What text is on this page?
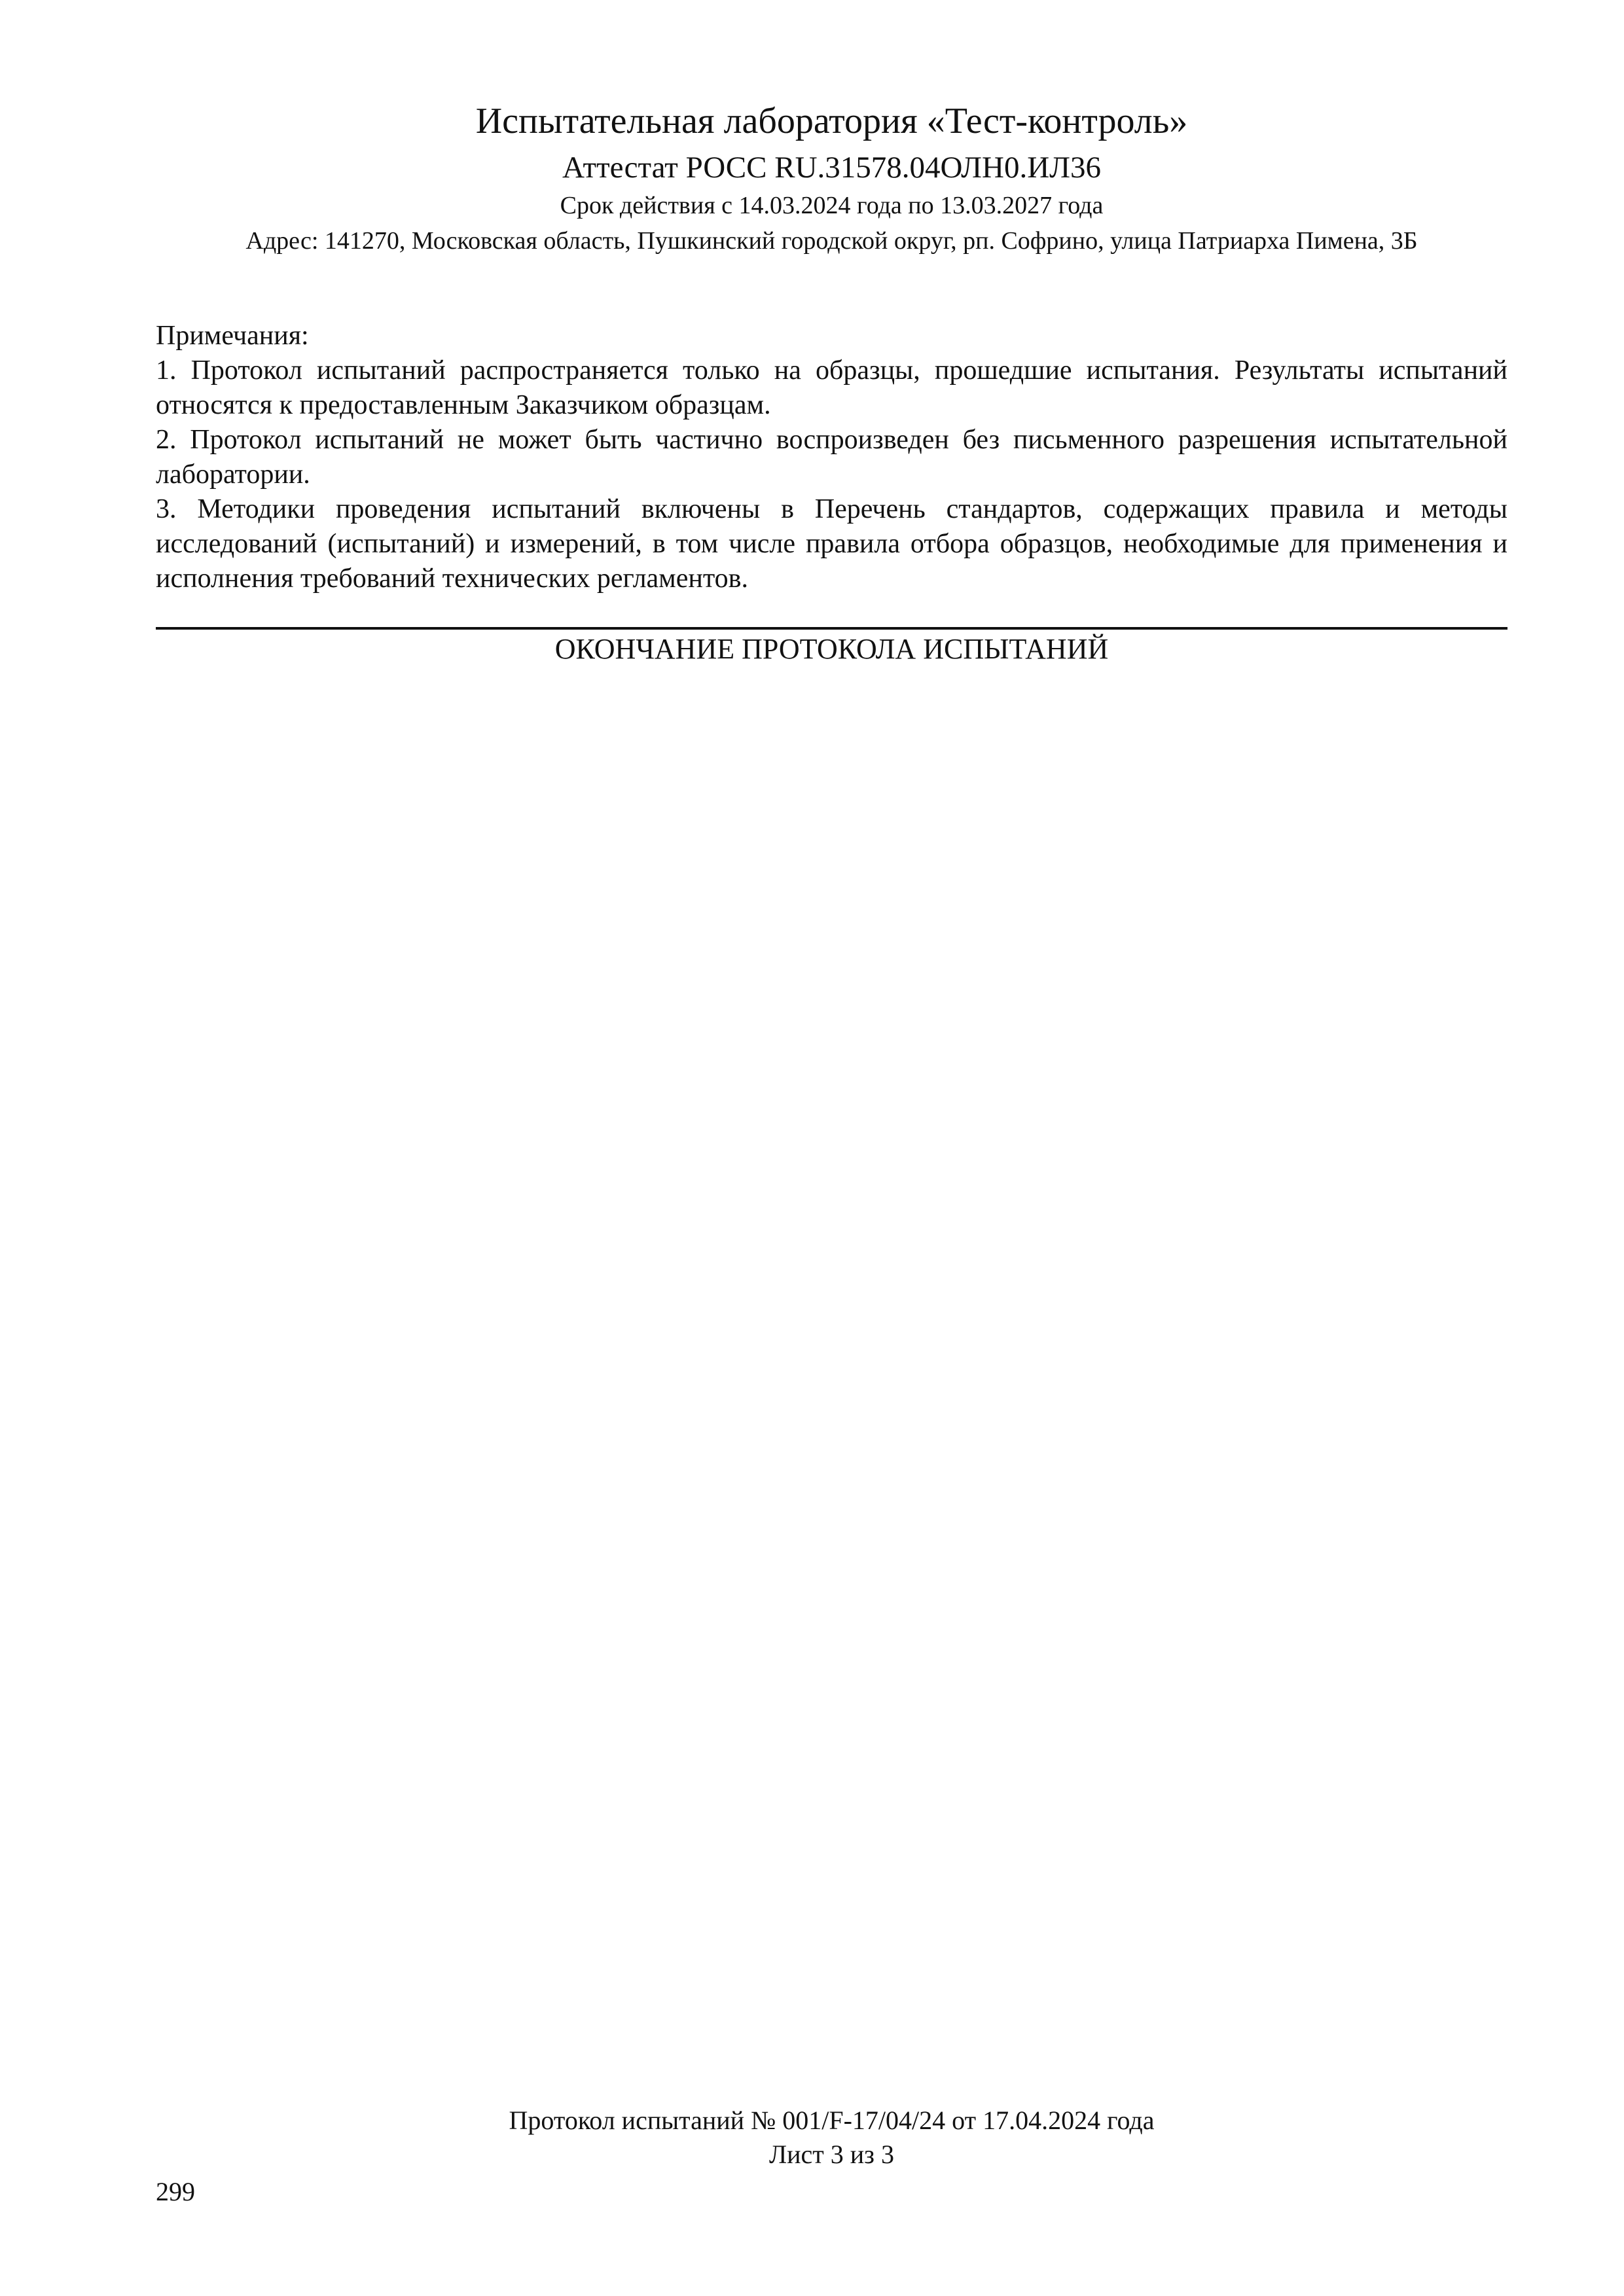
Испытательная лаборатория «Тест-контроль»

Аттестат РОСС RU.31578.04ОЛН0.ИЛ36

Срок действия с 14.03.2024 года по 13.03.2027 года

Адрес: 141270, Московская область, Пушкинский городской округ, рп. Софрино, улица Патриарха Пимена, 3Б

Примечания:

1. Протокол испытаний распространяется только на образцы, прошедшие испытания. Результаты испытаний относятся к предоставленным Заказчиком образцам.

2. Протокол испытаний не может быть частично воспроизведен без письменного разрешения испытательной лаборатории.

3. Методики проведения испытаний включены в Перечень стандартов, содержащих правила и методы исследований (испытаний) и измерений, в том числе правила отбора образцов, необходимые для применения и исполнения требований технических регламентов.

ОКОНЧАНИЕ ПРОТОКОЛА ИСПЫТАНИЙ

Протокол испытаний № 001/F-17/04/24 от 17.04.2024 года

Лист 3 из 3

299
